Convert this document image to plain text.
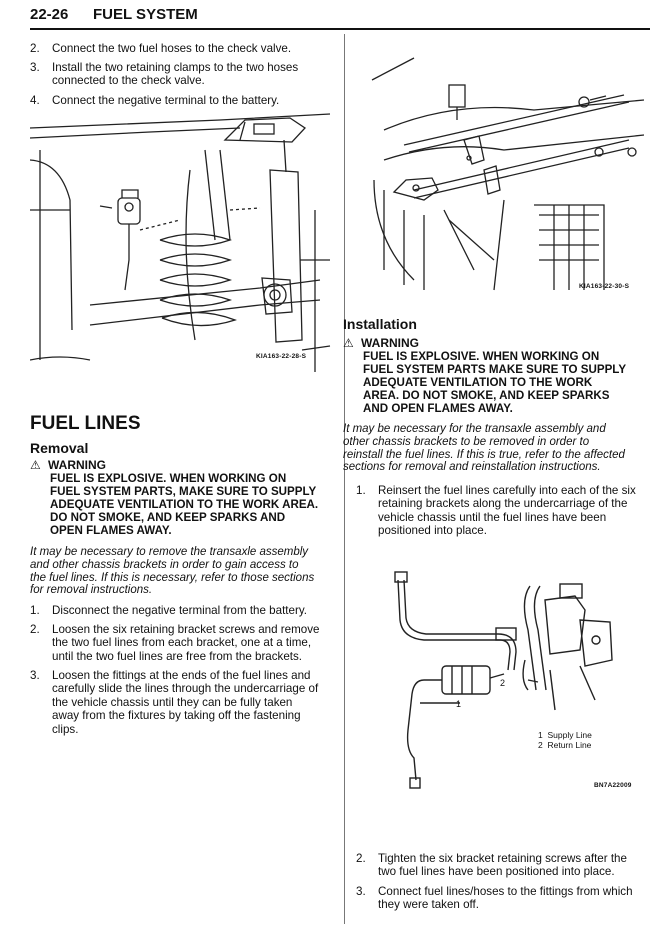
22-26 FUEL SYSTEM
2. Connect the two fuel hoses to the check valve.
3. Install the two retaining clamps to the two hoses
connected to the check valve.
4. Connect the negative terminal to the battery.
KIA163-22-28-S
FUEL LINES
Removal
⚠ WARNING
FUEL IS EXPLOSIVE. WHEN WORKING ON
FUEL SYSTEM PARTS, MAKE SURE TO SUPPLY
ADEQUATE VENTILATION TO THE WORK AREA.
DO NOT SMOKE, AND KEEP SPARKS AND
OPEN FLAMES AWAY.
It may be necessary to remove the transaxle assembly
and other chassis brackets in order to gain access to
the fuel lines. If this is necessary, refer to those sections
for removal instructions.
1. Disconnect the negative terminal from the battery.
2. Loosen the six retaining bracket screws and remove
the two fuel lines from each bracket, one at a time,
until the two fuel lines are free from the brackets.
3. Loosen the fittings at the ends of the fuel lines and
carefully slide the lines through the undercarriage of
the vehicle chassis until they can be fully taken
away from the fixtures by taking off the fastening
clips.
KIA163-22-30-S
Installation
⚠ WARNING
FUEL IS EXPLOSIVE. WHEN WORKING ON
FUEL SYSTEM PARTS MAKE SURE TO SUPPLY
ADEQUATE VENTILATION TO THE WORK
AREA. DO NOT SMOKE, AND KEEP SPARKS
AND OPEN FLAMES AWAY.
It may be necessary for the transaxle assembly and
other chassis brackets to be removed in order to
reinstall the fuel lines. If this is true, refer to the affected
sections for removal and reinstallation instructions.
1. Reinsert the fuel lines carefully into each of the six
retaining brackets along the undercarriage of the
vehicle chassis until the fuel lines have been
positioned into place.
2
1
1 Supply Line
2 Return Line
BN7A22009
2. Tighten the six bracket retaining screws after the
two fuel lines have been positioned into place.
3. Connect fuel lines/hoses to the fittings from which
they were taken off.
